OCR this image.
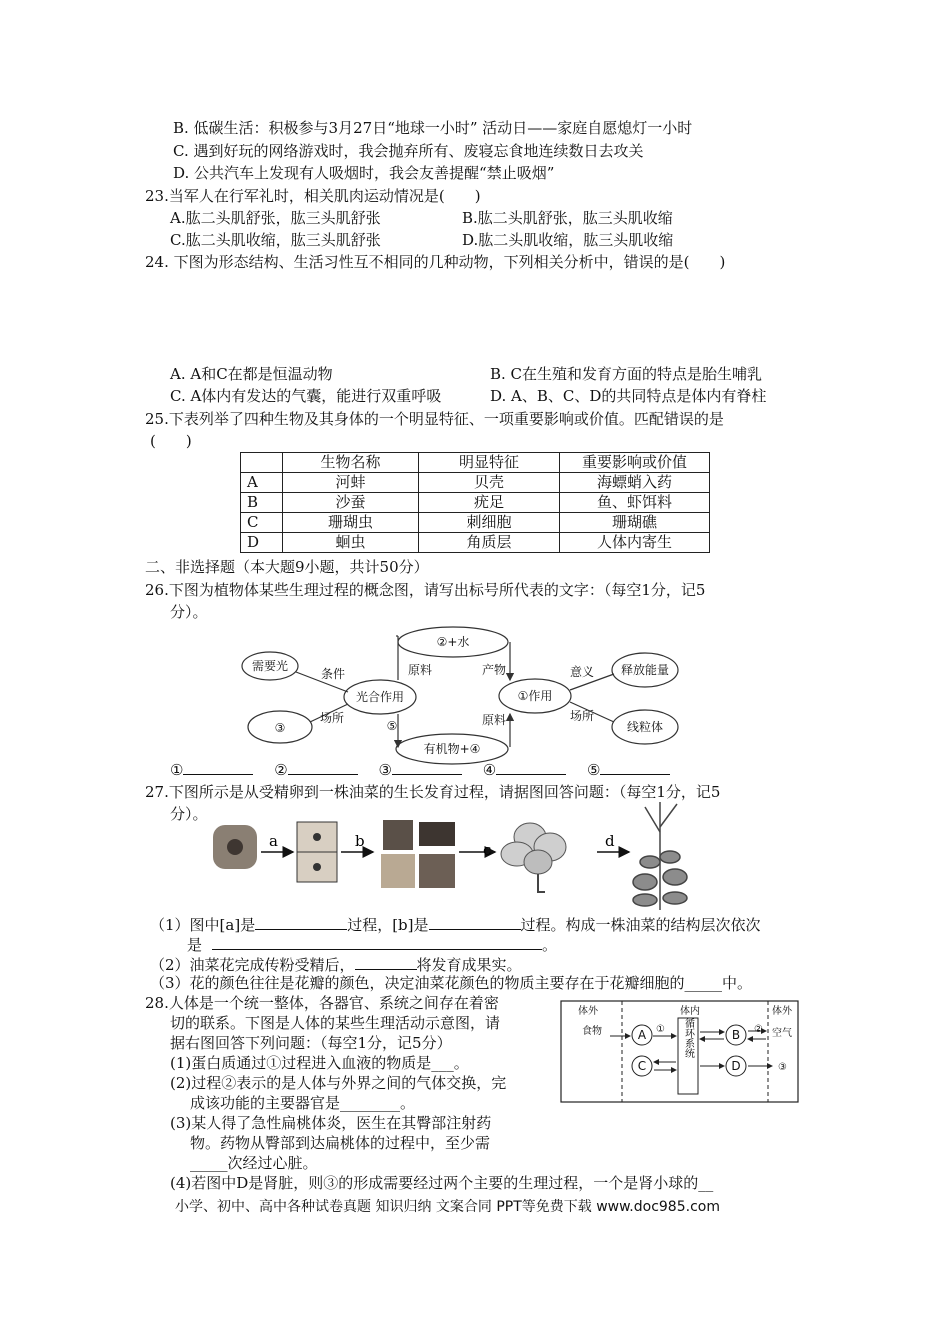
B. 低碳生活：积极参与3月27日“地球一小时” 活动日——家庭自愿熄灯一小时
C. 遇到好玩的网络游戏时，我会抛弃所有、废寝忘食地连续数日去攻关
D. 公共汽车上发现有人吸烟时，我会友善提醒“禁止吸烟”
23.当军人在行军礼时，相关肌肉运动情况是(　　)
A.肱二头肌舒张，肱三头肌舒张	B.肱二头肌舒张，肱三头肌收缩
C.肱二头肌收缩，肱三头肌舒张	D.肱二头肌收缩，肱三头肌收缩
24. 下图为形态结构、生活习性互不相同的几种动物，下列相关分析中，错误的是(　　)
A. A和C在都是恒温动物	B. C在生殖和发育方面的特点是胎生哺乳
C. A体内有发达的气囊，能进行双重呼吸	D. A、B、C、D的共同特点是体内有脊柱
25.下表列举了四种生物及其身体的一个明显特征、一项重要影响或价值。匹配错误的是
(　　)
	生物名称	明显特征	重要影响或价值
A	河蚌	贝壳	海螵蛸入药
B	沙蚕	疣足	鱼、虾饵料
C	珊瑚虫	刺细胞	珊瑚礁
D	蛔虫	角质层	人体内寄生
二、非选择题（本大题9小题，共计50分）
26.下图为植物体某些生理过程的概念图，请写出标号所代表的文字：（每空1分，记5
分）。
需要光
条件
③
场所
光合作用
⑤
②+水
原料	产物
有机物+④
原料
①作用
意义 释放能量
场所
线粒体
①	②	③	④	⑤
27.下图所示是从受精卵到一株油菜的生长发育过程，请据图回答问题：（每空1分，记5
分）。
a	b	c	d
（1）图中[a]是	过程，[b]是	过程。构成一株油菜的结构层次依次
是	。
（2）油菜花完成传粉受精后，	将发育成果实。
（3）花的颜色往往是花瓣的颜色，决定油菜花颜色的物质主要存在于花瓣细胞的_____中。
28.人体是一个统一整体，各器官、系统之间存在着密
切的联系。下图是人体的某些生理活动示意图，请
据右图回答下列问题：（每空1分，记5分）
(1)蛋白质通过①过程进入血液的物质是___。
(2)过程②表示的是人体与外界之间的气体交换，完
成该功能的主要器官是________。
(3)某人得了急性扁桃体炎，医生在其臀部注射药
物。药物从臀部到达扁桃体的过程中，至少需
_____次经过心脏。
(4)若图中D是肾脏，则③的形成需要经过两个主要的生理过程，一个是肾小球的__
体外	体内	体外
食物	空气
循环系统
A
C
B
D
①	②
③
小学、初中、高中各种试卷真题 知识归纳 文案合同 PPT等免费下载 www.doc985.com
